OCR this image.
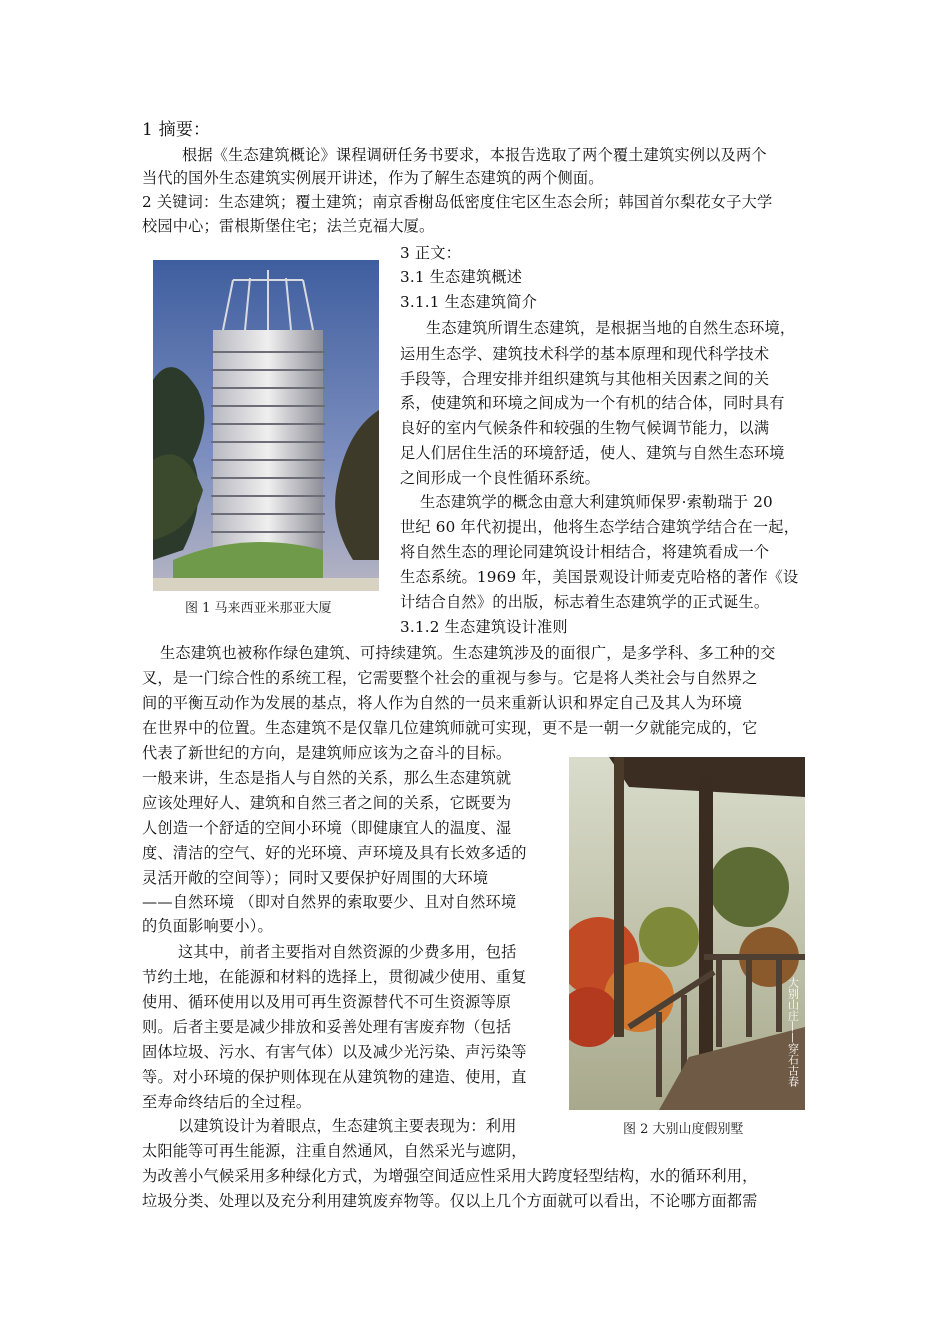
1 摘要：
根据《生态建筑概论》课程调研任务书要求，本报告选取了两个覆土建筑实例以及两个
当代的国外生态建筑实例展开讲述，作为了解生态建筑的两个侧面。
2 关键词：生态建筑；覆土建筑；南京香榭岛低密度住宅区生态会所；韩国首尔梨花女子大学
校园中心；雷根斯堡住宅；法兰克福大厦。
图 1 马来西亚米那亚大厦
3 正文：
3.1 生态建筑概述
3.1.1 生态建筑简介
生态建筑所谓生态建筑，是根据当地的自然生态环境，
运用生态学、建筑技术科学的基本原理和现代科学技术
手段等，合理安排并组织建筑与其他相关因素之间的关
系，使建筑和环境之间成为一个有机的结合体，同时具有
良好的室内气候条件和较强的生物气候调节能力，以满
足人们居住生活的环境舒适，使人、建筑与自然生态环境
之间形成一个良性循环系统。
生态建筑学的概念由意大利建筑师保罗·索勒瑞于 20
世纪 60 年代初提出，他将生态学结合建筑学结合在一起，
将自然生态的理论同建筑设计相结合，将建筑看成一个
生态系统。1969 年，美国景观设计师麦克哈格的著作《设
计结合自然》的出版，标志着生态建筑学的正式诞生。
3.1.2 生态建筑设计准则
生态建筑也被称作绿色建筑、可持续建筑。生态建筑涉及的面很广，是多学科、多工种的交
叉，是一门综合性的系统工程，它需要整个社会的重视与参与。它是将人类社会与自然界之
间的平衡互动作为发展的基点，将人作为自然的一员来重新认识和界定自己及其人为环境
在世界中的位置。生态建筑不是仅靠几位建筑师就可实现，更不是一朝一夕就能完成的，它
代表了新世纪的方向，是建筑师应该为之奋斗的目标。
一般来讲，生态是指人与自然的关系，那么生态建筑就
应该处理好人、建筑和自然三者之间的关系，它既要为
人创造一个舒适的空间小环境（即健康宜人的温度、湿
度、清洁的空气、好的光环境、声环境及具有长效多适的
灵活开敞的空间等）；同时又要保护好周围的大环境
——自然环境 （即对自然界的索取要少、且对自然环境
的负面影响要小）。
这其中，前者主要指对自然资源的少费多用，包括
节约土地，在能源和材料的选择上，贯彻减少使用、重复
使用、循环使用以及用可再生资源替代不可生资源等原
则。后者主要是减少排放和妥善处理有害废弃物（包括
固体垃圾、污水、有害气体）以及减少光污染、声污染等
等。对小环境的保护则体现在从建筑物的建造、使用，直
至寿命终结后的全过程。
以建筑设计为着眼点，生态建筑主要表现为：利用
太阳能等可再生能源，注重自然通风，自然采光与遮阴，
为改善小气候采用多种绿化方式，为增强空间适应性采用大跨度轻型结构，水的循环利用，
垃圾分类、处理以及充分利用建筑废弃物等。仅以上几个方面就可以看出，不论哪方面都需
大别山庄——穿石古春
图 2 大别山度假别墅
